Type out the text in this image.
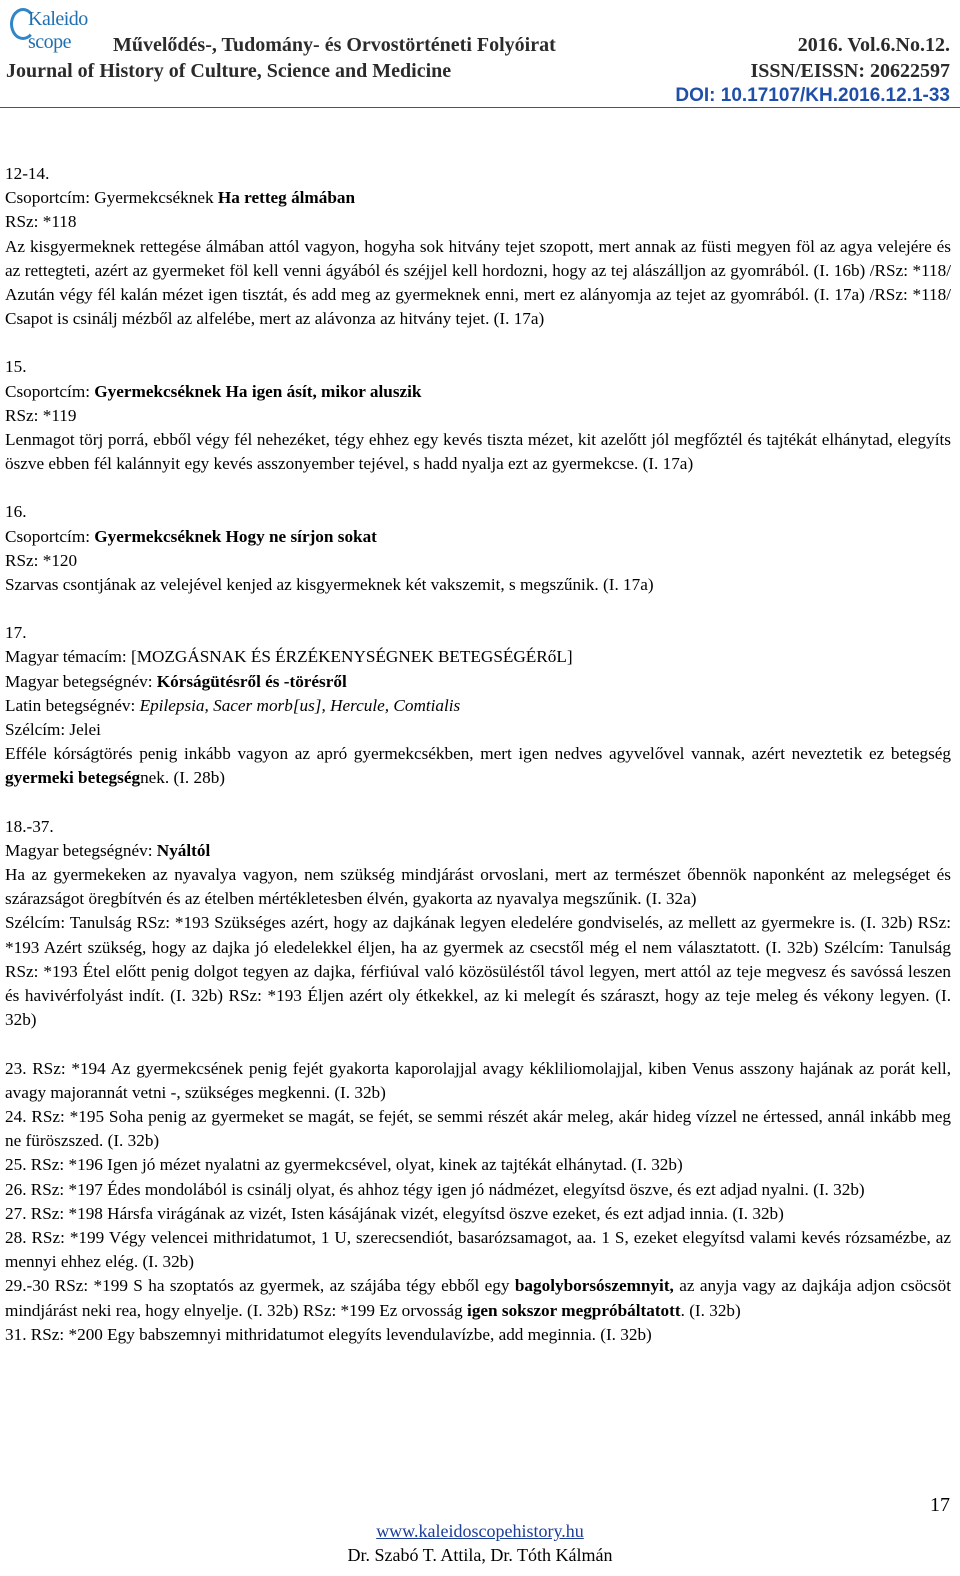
Kaleido scope	Művelődés-, Tudomány- és Orvostörténeti Folyóirat
Journal of History of Culture, Science and Medicine
2016. Vol.6.No.12.
ISSN/EISSN: 20622597
DOI: 10.17107/KH.2016.12.1-33

12-14.

Csoportcím: Gyermekcséknek Ha retteg álmában

RSz: *118

Az kisgyermeknek rettegése álmában attól vagyon, hogyha sok hitvány tejet szopott, mert annak az füsti megyen föl az agya velejére és az rettegteti, azért az gyermeket föl kell venni ágyából és széjjel kell hordozni, hogy az tej alászálljon az gyomrából. (I. 16b) /RSz: *118/ Azután végy fél kalán mézet igen tisztát, és add meg az gyermeknek enni, mert ez alányomja az tejet az gyomrából. (I. 17a) /RSz: *118/ Csapot is csinálj mézből az alfelébe, mert az alávonza az hitvány tejet. (I. 17a)

15.

Csoportcím: Gyermekcséknek Ha igen ásít, mikor aluszik

RSz: *119

Lenmagot törj porrá, ebből végy fél nehezéket, tégy ehhez egy kevés tiszta mézet, kit azelőtt jól megfőztél és tajtékát elhánytad, elegyíts öszve ebben fél kalánnyit egy kevés asszonyember tejével, s hadd nyalja ezt az gyermekcse. (I. 17a)

16.

Csoportcím: Gyermekcséknek Hogy ne sírjon sokat

RSz: *120

Szarvas csontjának az velejével kenjed az kisgyermeknek két vakszemit, s megszűnik. (I. 17a)

17.

Magyar témacím: [MOZGÁSNAK ÉS ÉRZÉKENYSÉGNEK BETEGSÉGÉRőL]

Magyar betegségnév: Kórságütésről és -törésről

Latin betegségnév: Epilepsia, Sacer morb[us], Hercule, Comtialis

Szélcím: Jelei

Efféle kórságtörés penig inkább vagyon az apró gyermekcsékben, mert igen nedves agyvelővel vannak, azért neveztetik ez betegség gyermeki betegségnek. (I. 28b)

18.-37.

Magyar betegségnév: Nyáltól

Ha az gyermekeken az nyavalya vagyon, nem szükség mindjárást orvoslani, mert az természet őbennök naponként az melegséget és szárazságot öregbítvén és az ételben mértékletesben élvén, gyakorta az nyavalya megszűnik. (I. 32a)

Szélcím: Tanulság RSz: *193 Szükséges azért, hogy az dajkának legyen eledelére gondviselés, az mellett az gyermekre is. (I. 32b) RSz: *193 Azért szükség, hogy az dajka jó eledelekkel éljen, ha az gyermek az csecstől még el nem választatott. (I. 32b) Szélcím: Tanulság RSz: *193 Étel előtt penig dolgot tegyen az dajka, férfiúval való közösüléstől távol legyen, mert attól az teje megvesz és savóssá leszen és havivérfolyást indít. (I. 32b) RSz: *193 Éljen azért oly étkekkel, az ki melegít és száraszt, hogy az teje meleg és vékony legyen. (I. 32b)

23. RSz: *194 Az gyermekcsének penig fejét gyakorta kaporolajjal avagy kékliliomolajjal, kiben Venus asszony hajának az porát kell, avagy majorannát vetni -, szükséges megkenni. (I. 32b)

24. RSz: *195 Soha penig az gyermeket se magát, se fejét, se semmi részét akár meleg, akár hideg vízzel ne értessed, annál inkább meg ne füröszszed. (I. 32b)

25. RSz: *196 Igen jó mézet nyalatni az gyermekcsével, olyat, kinek az tajtékát elhánytad. (I. 32b)

26. RSz: *197 Édes mondolából is csinálj olyat, és ahhoz tégy igen jó nádmézet, elegyítsd öszve, és ezt adjad nyalni. (I. 32b)

27. RSz: *198 Hársfa virágának az vizét, Isten kásájának vizét, elegyítsd öszve ezeket, és ezt adjad innia. (I. 32b)

28. RSz: *199 Végy velencei mithridatumot, 1 U, szerecsendiót, basarózsamagot, aa. 1 S, ezeket elegyítsd valami kevés rózsamézbe, az mennyi ehhez elég. (I. 32b)

29.-30 RSz: *199 S ha szoptatós az gyermek, az szájába tégy ebből egy bagolyborsószemnyit, az anyja vagy az dajkája adjon csöcsöt mindjárást neki rea, hogy elnyelje. (I. 32b) RSz: *199 Ez orvosság igen sokszor megpróbáltatott. (I. 32b)

31. RSz: *200 Egy babszemnyi mithridatumot elegyíts levendulavízbe, add meginnia. (I. 32b)

17
www.kaleidoscopehistory.hu
Dr. Szabó T. Attila, Dr. Tóth Kálmán
